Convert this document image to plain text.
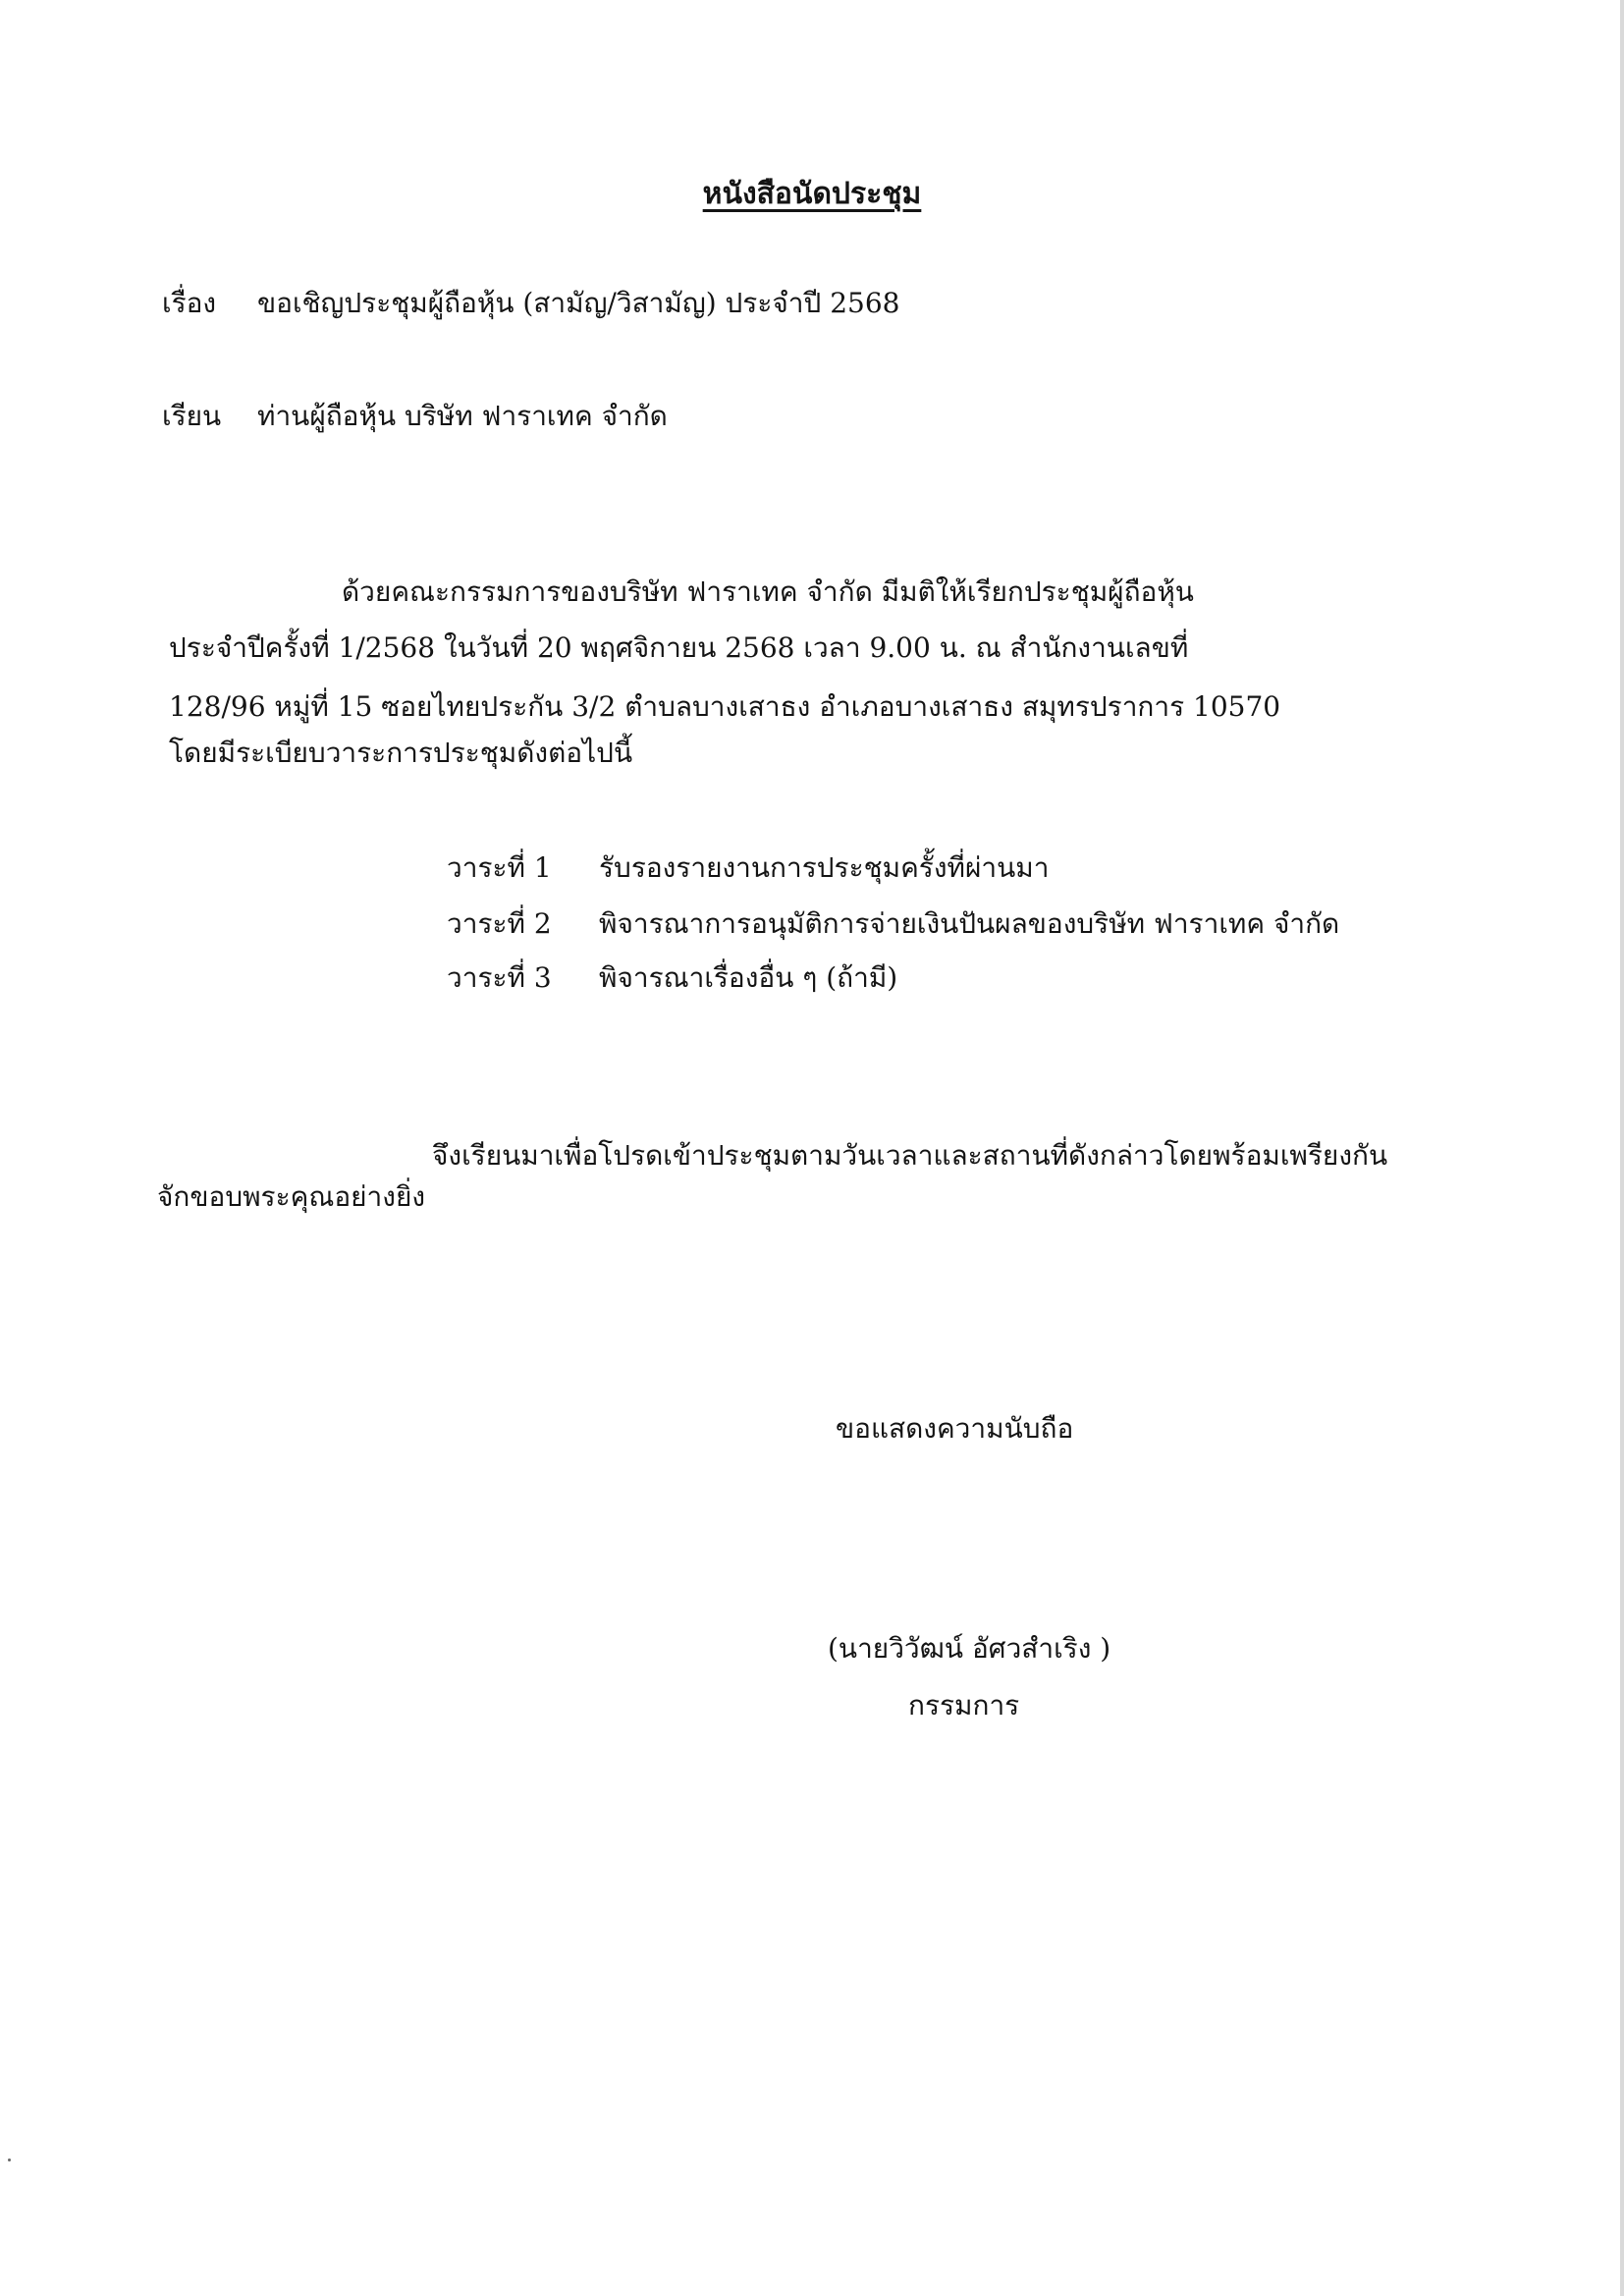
หนังสือนัดประชุม
เรื่อง ขอเชิญประชุมผู้ถือหุ้น (สามัญ/วิสามัญ) ประจำปี 2568
เรียน ท่านผู้ถือหุ้น บริษัท ฟาราเทค จำกัด
ด้วยคณะกรรมการของบริษัท ฟาราเทค จำกัด มีมติให้เรียกประชุมผู้ถือหุ้น
ประจำปีครั้งที่ 1/2568 ในวันที่ 20 พฤศจิกายน 2568 เวลา 9.00 น. ณ สำนักงานเลขที่
128/96 หมู่ที่ 15 ซอยไทยประกัน 3/2 ตำบลบางเสาธง อำเภอบางเสาธง สมุทรปราการ 10570
โดยมีระเบียบวาระการประชุมดังต่อไปนี้
วาระที่ 1 รับรองรายงานการประชุมครั้งที่ผ่านมา
วาระที่ 2 พิจารณาการอนุมัติการจ่ายเงินปันผลของบริษัท ฟาราเทค จำกัด
วาระที่ 3 พิจารณาเรื่องอื่น ๆ (ถ้ามี)
จึงเรียนมาเพื่อโปรดเข้าประชุมตามวันเวลาและสถานที่ดังกล่าวโดยพร้อมเพรียงกัน
จักขอบพระคุณอย่างยิ่ง
ขอแสดงความนับถือ
(นายวิวัฒน์ อัศวสำเริง )
กรรมการ
